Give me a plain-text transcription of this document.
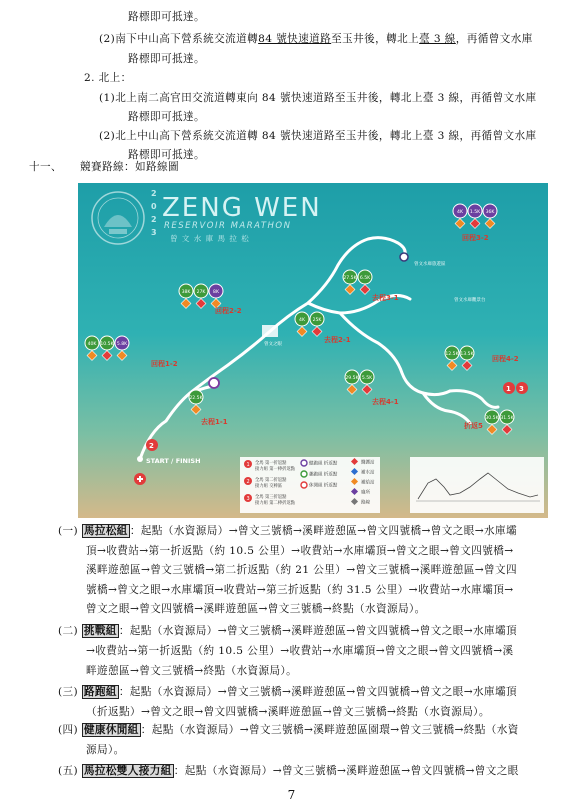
路標即可抵達。
(2)南下中山高下營系統交流道轉84 號快速道路至玉井後，轉北上臺 3 線，再循曾文水庫
路標即可抵達。
2. 北上：
(1)北上南二高官田交流道轉東向 84 號快速道路至玉井後，轉北上臺 3 線，再循曾文水庫
路標即可抵達。
(2)北上中山高下營系統交流道轉 84 號快速道路至玉井後，轉北上臺 3 線，再循曾文水庫
路標即可抵達。
十一、 競賽路線：如路線圖
2
0
2
3
ZENG WEN
RESERVOIR MARATHON
曾 文 水 庫 馬 拉 松
曾文水庫旅遊區
曾文水庫觀景台
曾文之眼
2
START / FINISH
1 3
4K 1.5K 36K
38K 27K 8K
40K 10.5K 5.8K
27.5K 6.5K
4K 25K
22.5K
12.5K 13.5K
29.5K 5.5K
30.5K 31.5K
回程3-2
回程2-2
回程1-2
去程3-1
去程2-1
去程1-1
回程4-2
去程4-1
折返5
1 全馬 第一折返點
接力組 第一棒折返點
2 全馬 第二折返點
接力組 交棒區
3 全馬 第三折返點
接力組 第二棒折返點
健跑組 折返點
趣跑組 折返點
休閒組 折返點
醫護站
補水站
補給站
廁所
路線
(一) 馬拉松組 ：起點（水資源局）→曾文三號橋→溪畔遊憩區→曾文四號橋→曾文之眼→水庫壩
頂→收費站→第一折返點（約 10.5 公里）→收費站→水庫壩頂→曾文之眼→曾文四號橋→
溪畔遊憩區→曾文三號橋→第二折返點（約 21 公里）→曾文三號橋→溪畔遊憩區→曾文四
號橋→曾文之眼→水庫壩頂→收費站→第三折返點（約 31.5 公里）→收費站→水庫壩頂→
曾文之眼→曾文四號橋→溪畔遊憩區→曾文三號橋→終點（水資源局）。
(二) 挑戰組 ：起點（水資源局）→曾文三號橋→溪畔遊憩區→曾文四號橋→曾文之眼→水庫壩頂
→收費站→第一折返點（約 10.5 公里）→收費站→水庫壩頂→曾文之眼→曾文四號橋→溪
畔遊憩區→曾文三號橋→終點（水資源局）。
(三) 路跑組 ：起點（水資源局）→曾文三號橋→溪畔遊憩區→曾文四號橋→曾文之眼→水庫壩頂
（折返點）→曾文之眼→曾文四號橋→溪畔遊憩區→曾文三號橋→終點（水資源局）。
(四) 健康休閒組 ：起點（水資源局）→曾文三號橋→溪畔遊憩區園環→曾文三號橋→終點（水資
源局）。
(五) 馬拉松雙人接力組 ：起點（水資源局）→曾文三號橋→溪畔遊憩區→曾文四號橋→曾文之眼
7
